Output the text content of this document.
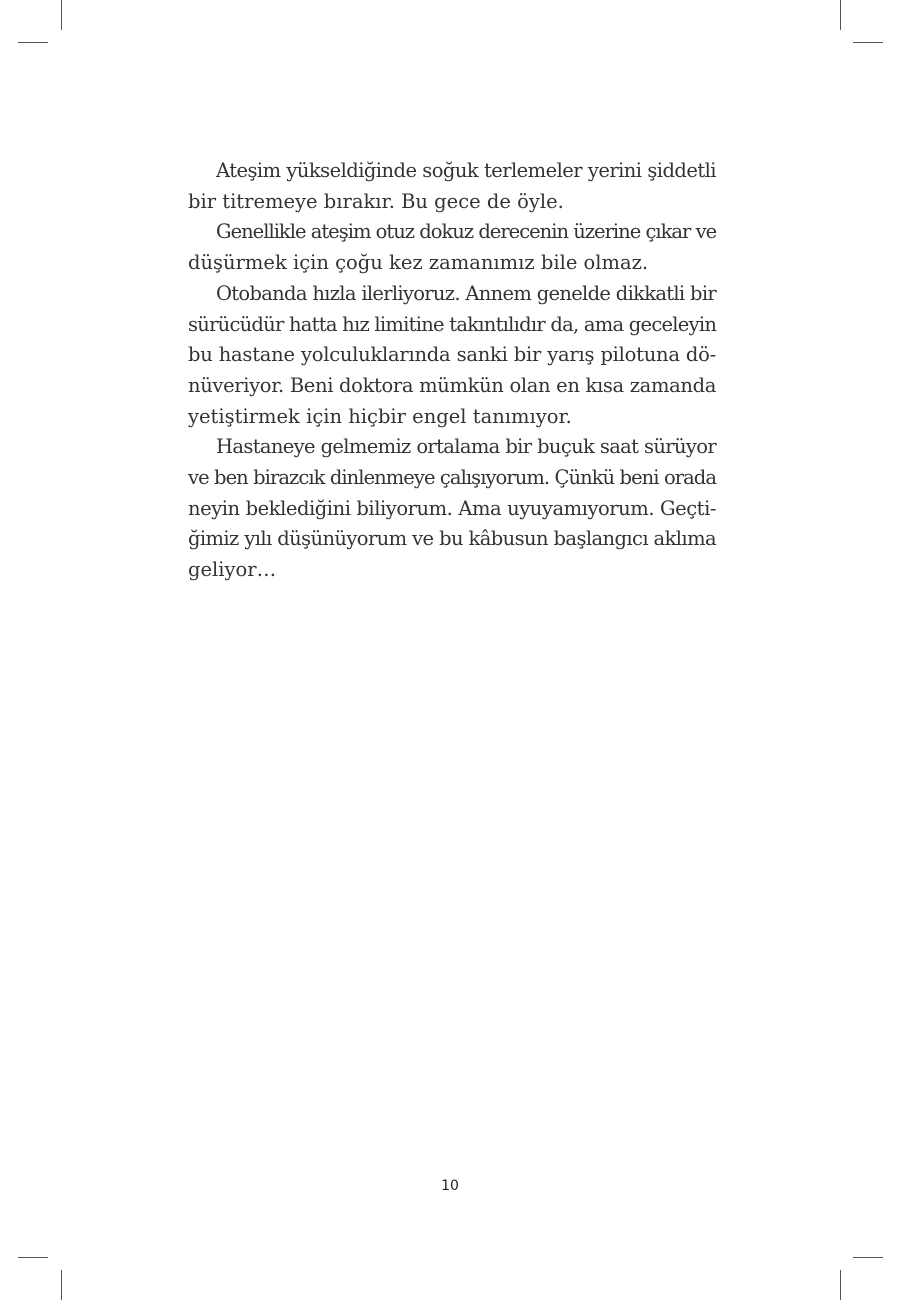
Ateşim yükseldiğinde soğuk terlemeler yerini şiddetli
bir titremeye bırakır. Bu gece de öyle.
Genellikle ateşim otuz dokuz derecenin üzerine çıkar ve
düşürmek için çoğu kez zamanımız bile olmaz.
Otobanda hızla ilerliyoruz. Annem genelde dikkatli bir
sürücüdür hatta hız limitine takıntılıdır da, ama geceleyin
bu hastane yolculuklarında sanki bir yarış pilotuna dö-
nüveriyor. Beni doktora mümkün olan en kısa zamanda
yetiştirmek için hiçbir engel tanımıyor.
Hastaneye gelmemiz ortalama bir buçuk saat sürüyor
ve ben birazcık dinlenmeye çalışıyorum. Çünkü beni orada
neyin beklediğini biliyorum. Ama uyuyamıyorum. Geçti-
ğimiz yılı düşünüyorum ve bu kâbusun başlangıcı aklıma
geliyor…
10
